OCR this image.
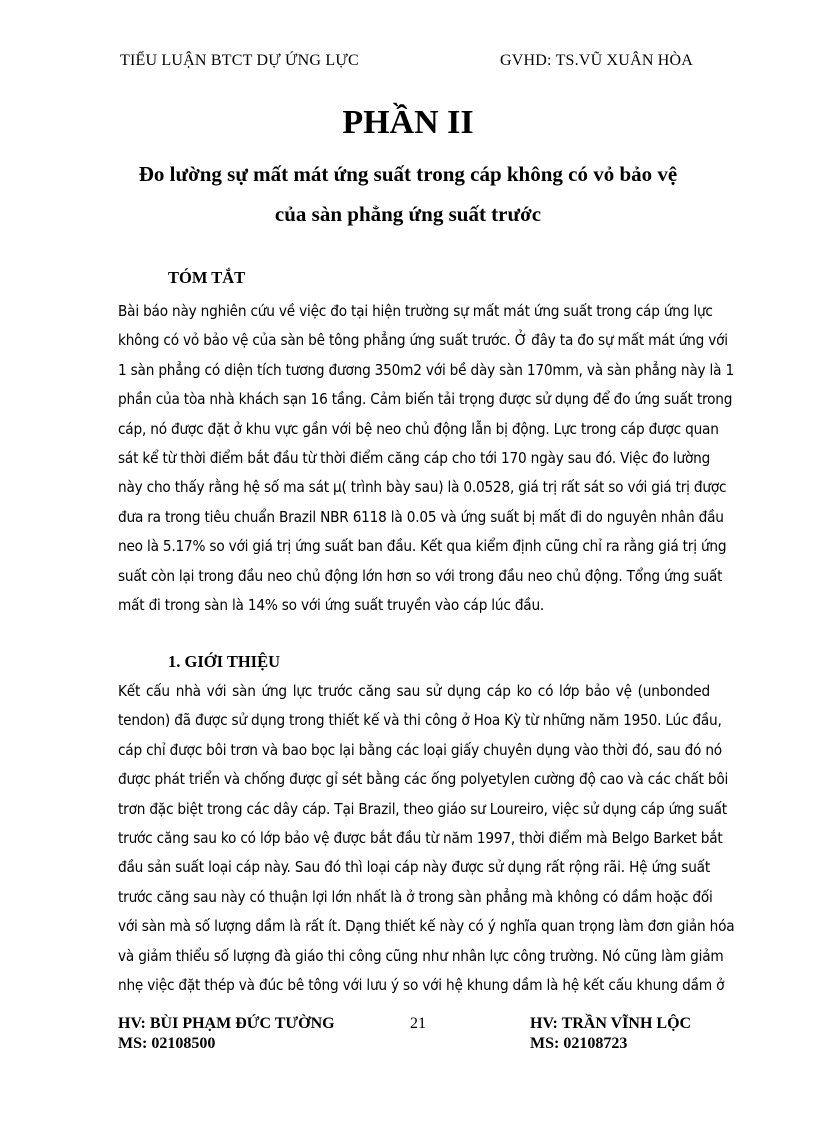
TIỂU LUẬN BTCT DỰ ỨNG LỰC	GVHD: TS.VŨ XUÂN HÒA
PHẦN II
Đo lường sự mất mát ứng suất trong cáp không có vỏ bảo vệ
của sàn phẳng ứng suất trước
TÓM TẮT
Bài báo này nghiên cứu về việc đo tại hiện trường sự mất mát ứng suất trong cáp ứng lực
không có vỏ bảo vệ của sàn bê tông phẳng ứng suất trước. Ở đây ta đo sự mất mát ứng với
1 sàn phẳng có diện tích tương đương 350m2 với bề dày sàn 170mm, và sàn phẳng này là 1
phần của tòa nhà khách sạn 16 tầng. Cảm biến tải trọng được sử dụng để đo ứng suất trong
cáp, nó được đặt ở khu vực gần với bệ neo chủ động lẫn bị động. Lực trong cáp được quan
sát kể từ thời điểm bắt đầu từ thời điểm căng cáp cho tới 170 ngày sau đó. Việc đo lường
này cho thấy rằng hệ số ma sát μ( trình bày sau) là 0.0528, giá trị rất sát so với giá trị được
đưa ra trong tiêu chuẩn Brazil NBR 6118 là 0.05 và ứng suất bị mất đi do nguyên nhân đầu
neo là 5.17% so với giá trị ứng suất ban đầu. Kết qua kiểm định cũng chỉ ra rằng giá trị ứng
suất còn lại trong đầu neo chủ động lớn hơn so với trong đầu neo chủ động. Tổng ứng suất
mất đi trong sàn là 14% so với ứng suất truyền vào cáp lúc đầu.
1. GIỚI THIỆU
Kết cấu nhà với sàn ứng lực trước căng sau sử dụng cáp ko có lớp bảo vệ (unbonded
tendon) đã được sử dụng trong thiết kế và thi công ở Hoa Kỳ từ những năm 1950. Lúc đầu,
cáp chỉ được bôi trơn và bao bọc lại bằng các loại giấy chuyên dụng vào thời đó, sau đó nó
được phát triển và chống được gỉ sét bằng các ống polyetylen cường độ cao và các chất bôi
trơn đặc biệt trong các dây cáp. Tại Brazil, theo giáo sư Loureiro, việc sử dụng cáp ứng suất
trước căng sau ko có lớp bảo vệ được bắt đầu từ năm 1997, thời điểm mà Belgo Barket bắt
đầu sản suất loại cáp này. Sau đó thì loại cáp này được sử dụng rất rộng rãi. Hệ ứng suất
trước căng sau này có thuận lợi lớn nhất là ở trong sàn phẳng mà không có dầm hoặc đối
với sàn mà số lượng dầm là rất ít. Dạng thiết kế này có ý nghĩa quan trọng làm đơn giản hóa
và giảm thiểu số lượng đà giáo thi công cũng như nhân lực công trường. Nó cũng làm giảm
nhẹ việc đặt thép và đúc bê tông với lưu ý so với hệ khung dầm là hệ kết cấu khung dầm ở
HV: BÙI PHẠM ĐỨC TƯỜNG
MS: 02108500
21	HV: TRẦN VĨNH LỘC
MS: 02108723
